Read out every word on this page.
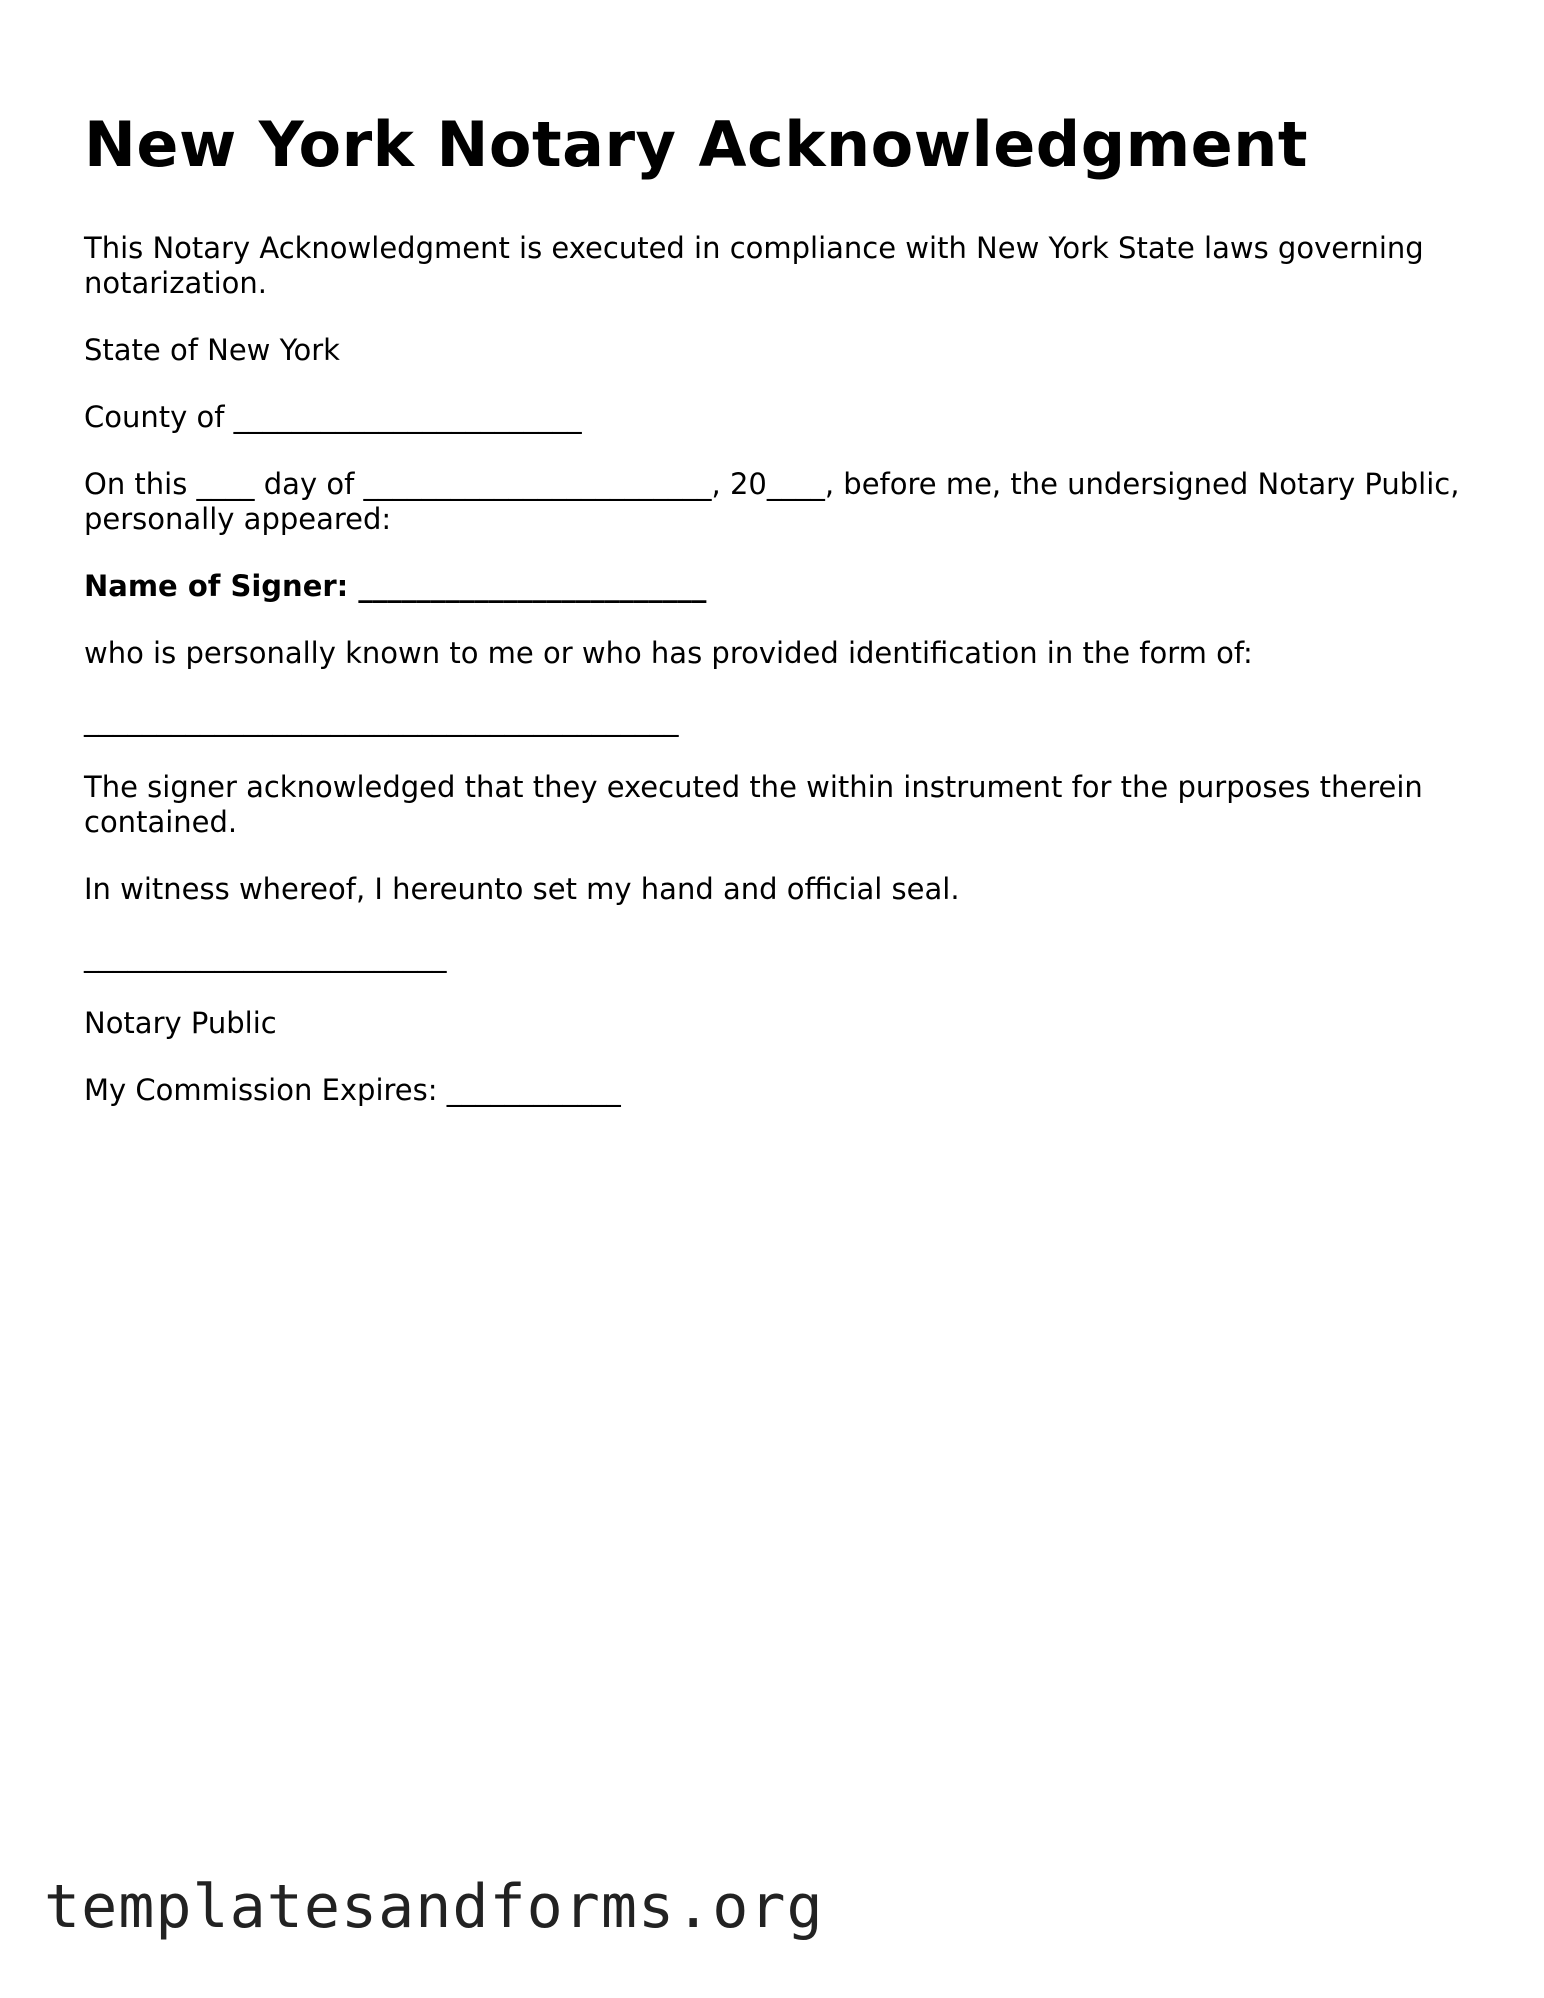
New York Notary Acknowledgment

This Notary Acknowledgment is executed in compliance with New York State laws governing notarization.

State of New York

County of ________________________

On this ____ day of ________________________, 20____, before me, the undersigned Notary Public, personally appeared:

Name of Signer: ________________________

who is personally known to me or who has provided identification in the form of:

_________________________________________

The signer acknowledged that they executed the within instrument for the purposes therein contained.

In witness whereof, I hereunto set my hand and official seal.

_________________________

Notary Public

My Commission Expires: ____________

templatesandforms.org
